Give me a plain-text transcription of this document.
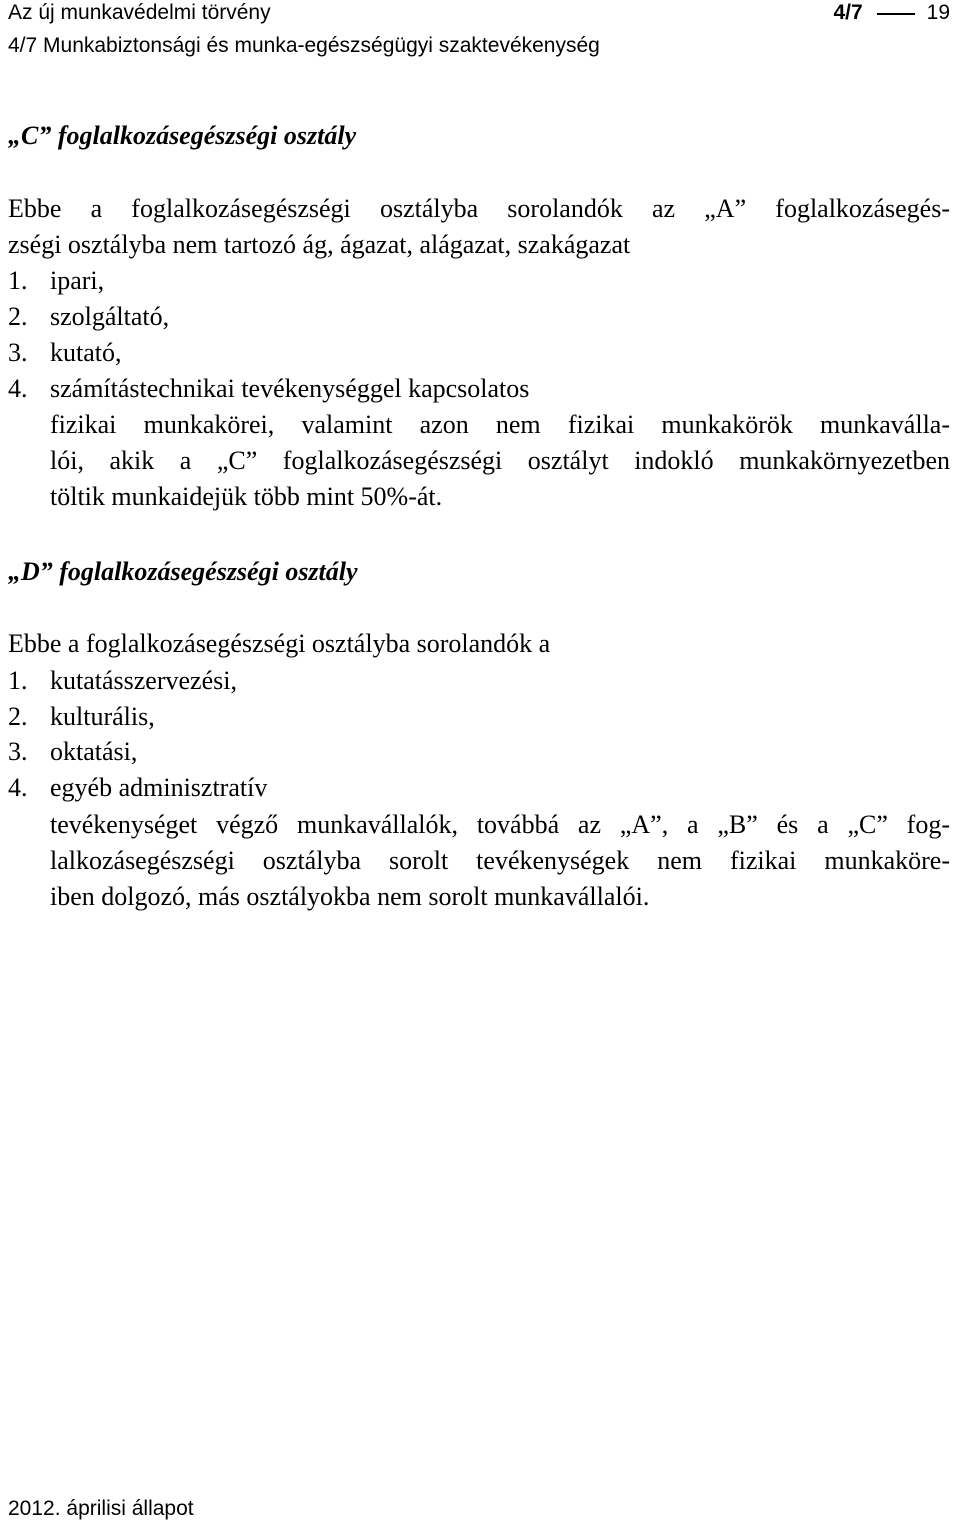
Az új munkavédelmi törvény	4/7	19
4/7 Munkabiztonsági és munka-egészségügyi szaktevékenység
„C” foglalkozásegészségi osztály
Ebbe a foglalkozásegészségi osztályba sorolandók az „A” foglalkozásegés-
zségi osztályba nem tartozó ág, ágazat, alágazat, szakágazat
1. ipari,
2. szolgáltató,
3. kutató,
4. számítástechnikai tevékenységgel kapcsolatos
fizikai munkakörei, valamint azon nem fizikai munkakörök munkaválla-
lói, akik a „C” foglalkozásegészségi osztályt indokló munkakörnyezetben
töltik munkaidejük több mint 50%-át.
„D” foglalkozásegészségi osztály
Ebbe a foglalkozásegészségi osztályba sorolandók a
1. kutatásszervezési,
2. kulturális,
3. oktatási,
4. egyéb adminisztratív
tevékenységet végző munkavállalók, továbbá az „A”, a „B” és a „C” fog-
lalkozásegészségi osztályba sorolt tevékenységek nem fizikai munkaköre-
iben dolgozó, más osztályokba nem sorolt munkavállalói.
2012. áprilisi állapot
